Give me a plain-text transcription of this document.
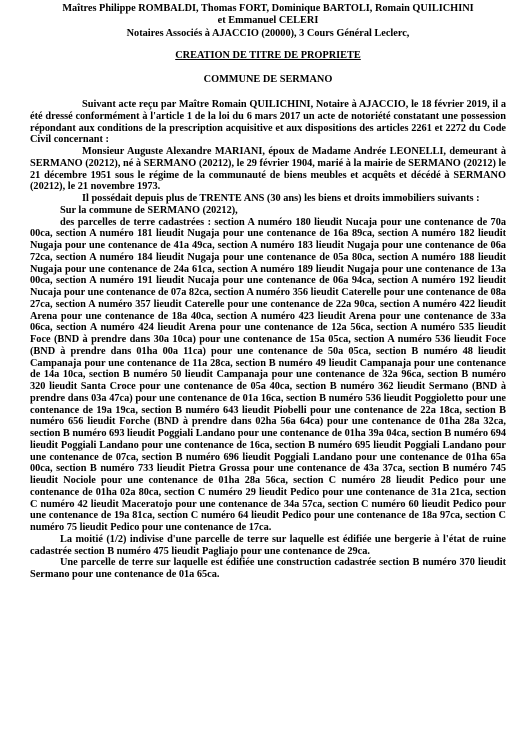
Maîtres Philippe ROMBALDI, Thomas FORT, Dominique BARTOLI, Romain QUILICHINI
et Emmanuel CELERI
Notaires Associés à AJACCIO (20000), 3 Cours Général Leclerc,
CREATION DE TITRE DE PROPRIETE
COMMUNE DE SERMANO

Suivant acte reçu par Maître Romain QUILICHINI, Notaire à AJACCIO, le 18 février 2019, il a été dressé conformément à l'article 1 de la loi du 6 mars 2017 un acte de notoriété constatant une possession répondant aux conditions de la prescription acquisitive et aux dispositions des articles 2261 et 2272 du Code Civil concernant :

Monsieur Auguste Alexandre MARIANI, époux de Madame Andrée LEONELLI, demeurant à SERMANO (20212), né à SERMANO (20212), le 29 février 1904, marié à la mairie de SERMANO (20212) le 21 décembre 1951 sous le régime de la communauté de biens meubles et acquêts et décédé à SERMANO (20212), le 21 novembre 1973.

Il possédait depuis plus de TRENTE ANS (30 ans) les biens et droits immobiliers suivants :

Sur la commune de SERMANO (20212),

des parcelles de terre cadastrées : section A numéro 180 lieudit Nucaja pour une contenance de 70a 00ca, section A numéro 181 lieudit Nugaja pour une contenance de 16a 89ca, section A numéro 182 lieudit Nugaja pour une contenance de 41a 49ca, section A numéro 183 lieudit Nugaja pour une contenance de 06a 72ca, section A numéro 184 lieudit Nugaja pour une contenance de 05a 80ca, section A numéro 188 lieudit Nugaja pour une contenance de 24a 61ca, section A numéro 189 lieudit Nugaja pour une contenance de 13a 00ca, section A numéro 191 lieudit Nucaja pour une contenance de 06a 94ca, section A numéro 192 lieudit Nucaja pour une contenance de 07a 82ca, section A numéro 356 lieudit Caterelle pour une contenance de 08a 27ca, section A numéro 357 lieudit Caterelle pour une contenance de 22a 90ca, section A numéro 422 lieudit Arena pour une contenance de 18a 40ca, section A numéro 423 lieudit Arena pour une contenance de 33a 06ca, section A numéro 424 lieudit Arena pour une contenance de 12a 56ca, section A numéro 535 lieudit Foce (BND à prendre dans 30a 10ca) pour une contenance de 15a 05ca, section A numéro 536 lieudit Foce (BND à prendre dans 01ha 00a 11ca) pour une contenance de 50a 05ca, section B numéro 48 lieudit Campanaja pour une contenance de 11a 28ca, section B numéro 49 lieudit Campanaja pour une contenance de 14a 10ca, section B numéro 50 lieudit Campanaja pour une contenance de 32a 96ca, section B numéro 320 lieudit Santa Croce pour une contenance de 05a 40ca, section B numéro 362 lieudit Sermano (BND à prendre dans 03a 47ca) pour une contenance de 01a 16ca, section B numéro 536 lieudit Poggioletto pour une contenance de 19a 19ca, section B numéro 643 lieudit Piobelli pour une contenance de 22a 18ca, section B numéro 656 lieudit Forche (BND à prendre dans 02ha 56a 64ca) pour une contenance de 01ha 28a 32ca, section B numéro 693 lieudit Poggiali Landano pour une contenance de 01ha 39a 04ca, section B numéro 694 lieudit Poggiali Landano pour une contenance de 16ca, section B numéro 695 lieudit Poggiali Landano pour une contenance de 07ca, section B numéro 696 lieudit Poggiali Landano pour une contenance de 01ha 65a 00ca, section B numéro 733 lieudit Pietra Grossa pour une contenance de 43a 37ca, section B numéro 745 lieudit Nociole pour une contenance de 01ha 28a 56ca, section C numéro 28 lieudit Pedico pour une contenance de 01ha 02a 80ca, section C numéro 29 lieudit Pedico pour une contenance de 31a 21ca, section C numéro 42 lieudit Maceratojo pour une contenance de 34a 57ca, section C numéro 60 lieudit Pedico pour une contenance de 19a 81ca, section C numéro 64 lieudit Pedico pour une contenance de 18a 97ca, section C numéro 75 lieudit Pedico pour une contenance de 17ca.

La moitié (1/2) indivise d'une parcelle de terre sur laquelle est édifiée une bergerie à l'état de ruine cadastrée section B numéro 475 lieudit Pagliajo pour une contenance de 29ca.

Une parcelle de terre sur laquelle est édifiée une construction cadastrée section B numéro 370 lieudit Sermano pour une contenance de 01a 65ca.
